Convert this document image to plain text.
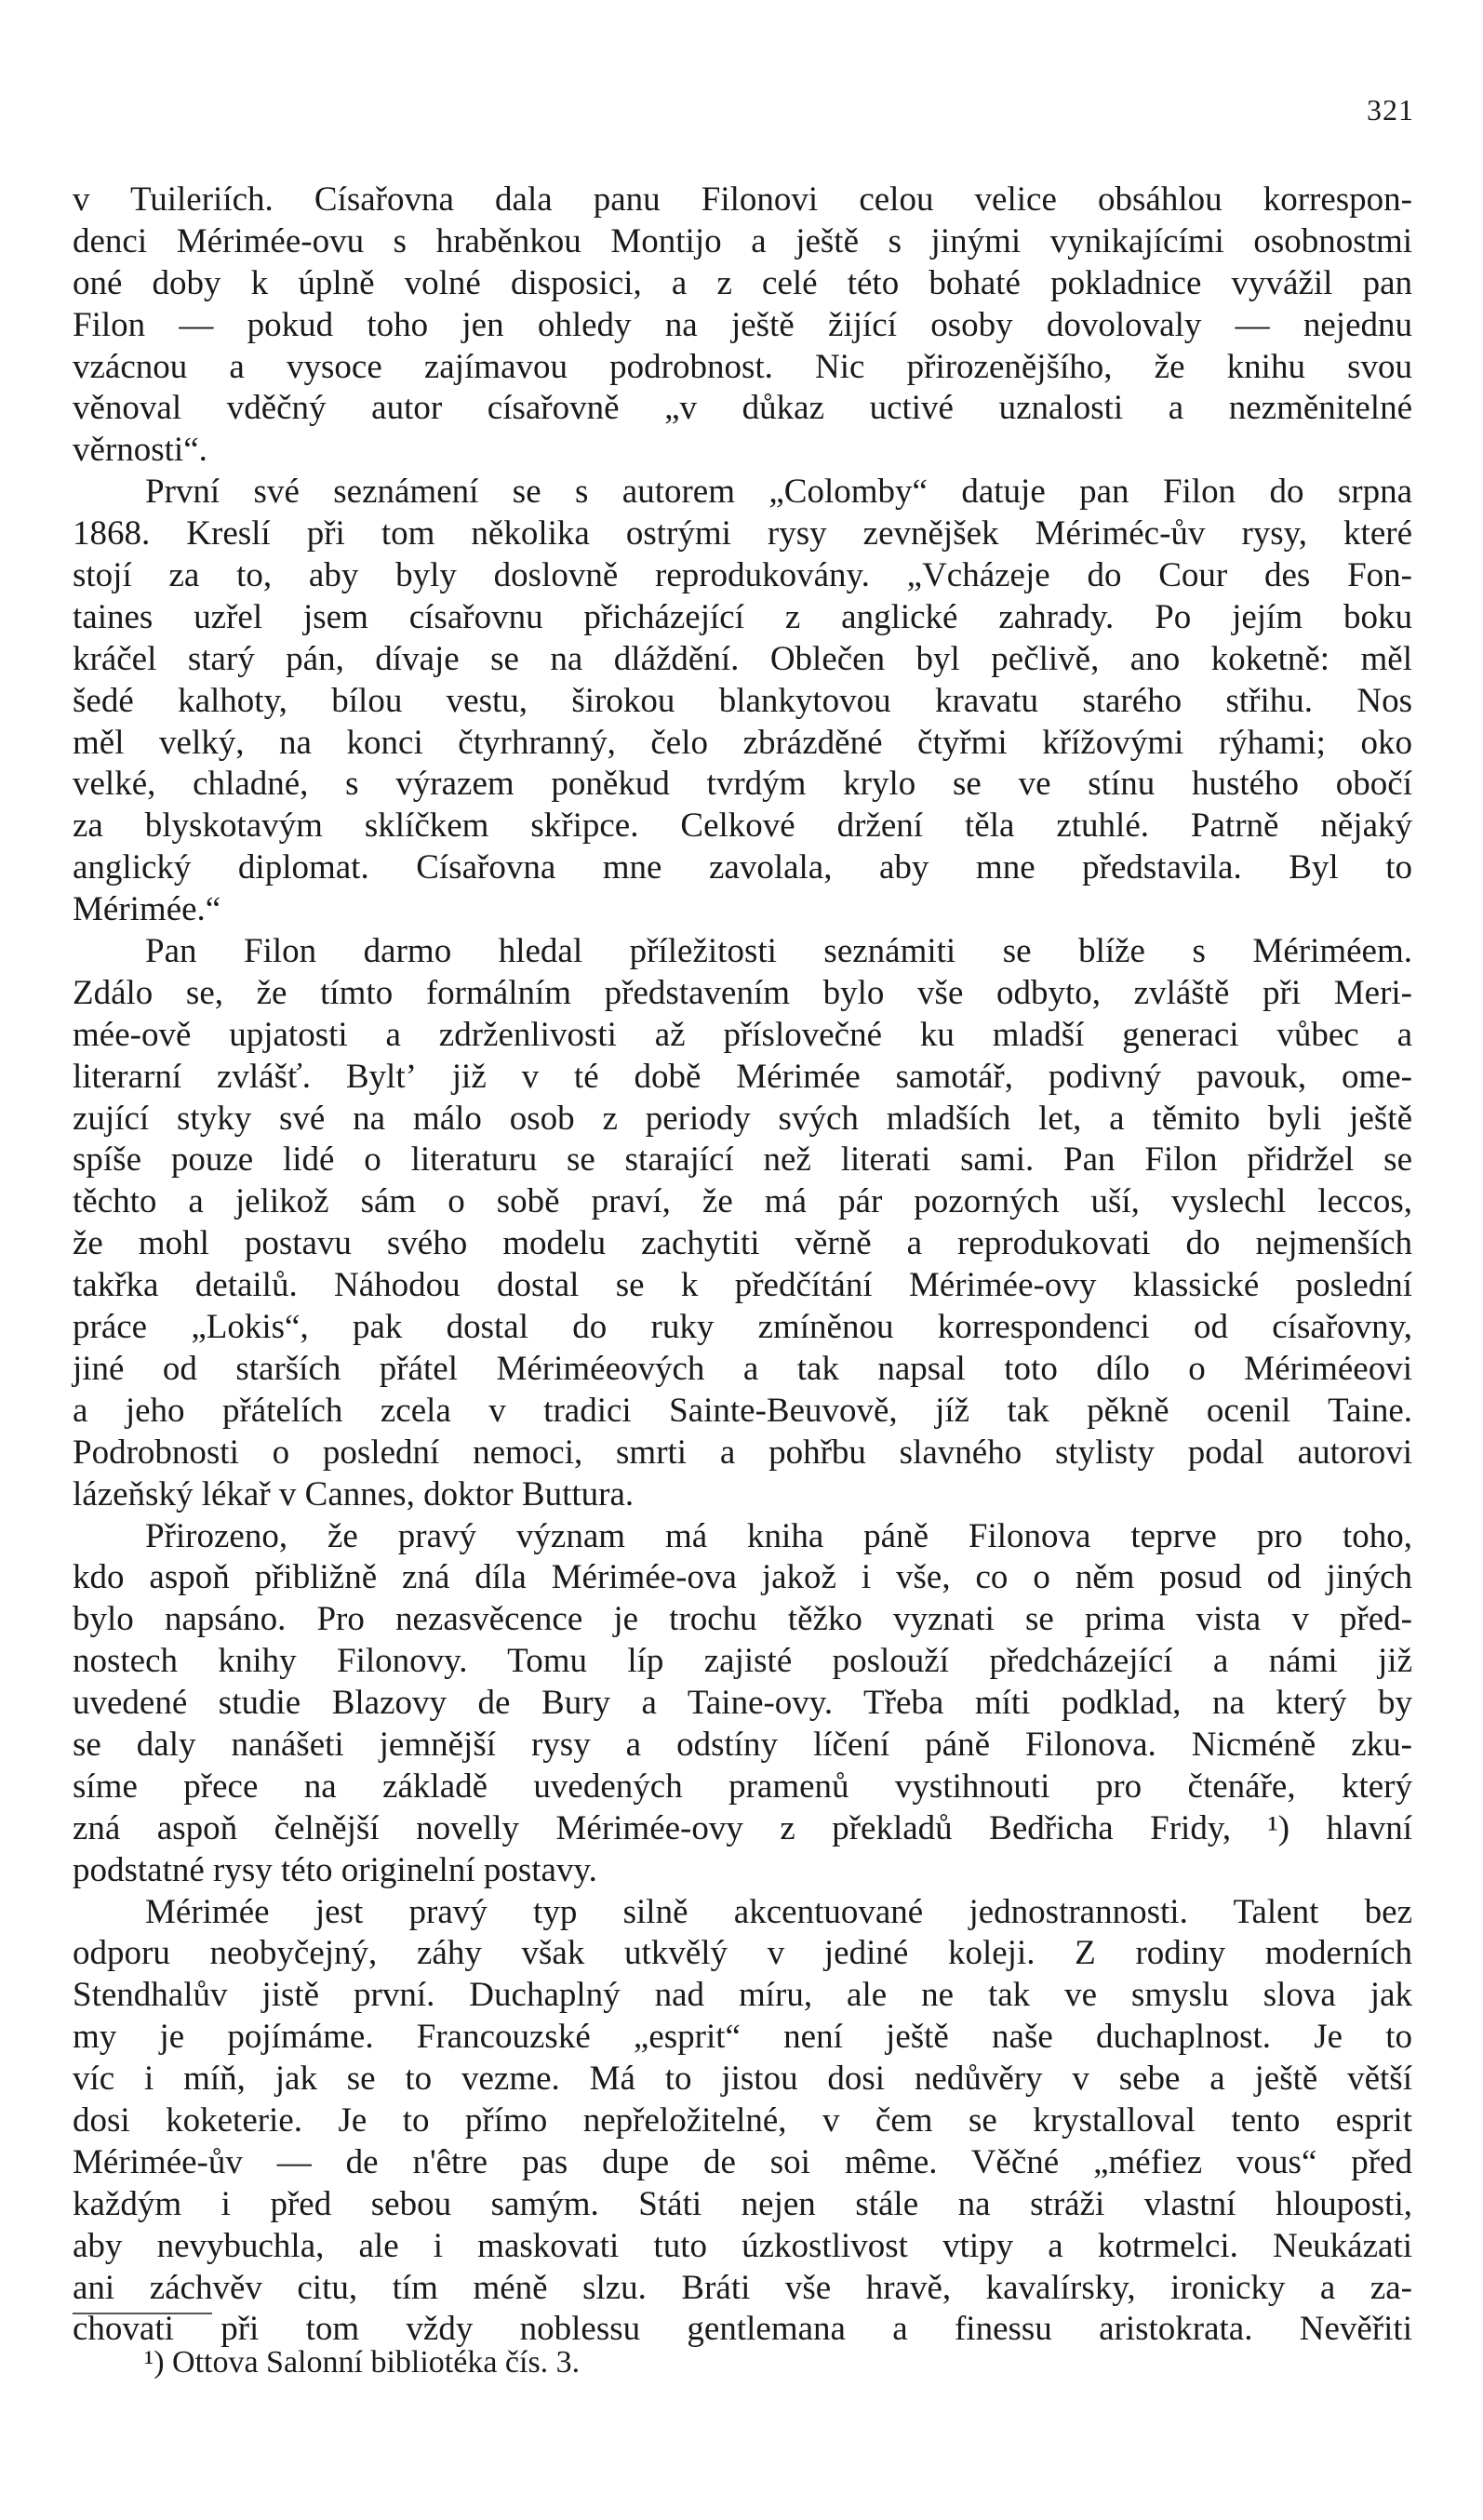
321
v Tuileriích. Císařovna dala panu Filonovi celou velice obsáhlou korrespon-
denci Mérimée-ovu s hraběnkou Montijo a ještě s jinými vynikajícími osobnostmi
oné doby k úplně volné disposici, a z celé této bohaté pokladnice vyvážil pan
Filon — pokud toho jen ohledy na ještě žijící osoby dovolovaly — nejednu
vzácnou a vysoce zajímavou podrobnost. Nic přirozenějšího, že knihu svou
věnoval vděčný autor císařovně „v důkaz uctivé uznalosti a nezměnitelné
věrnosti“.
První své seznámení se s autorem „Colomby“ datuje pan Filon do srpna
1868. Kreslí při tom několika ostrými rysy zevnějšek Mériméc-ův rysy, které
stojí za to, aby byly doslovně reprodukovány. „Vcházeje do Cour des Fon-
taines uzřel jsem císařovnu přicházející z anglické zahrady. Po jejím boku
kráčel starý pán, dívaje se na dláždění. Oblečen byl pečlivě, ano koketně: měl
šedé kalhoty, bílou vestu, širokou blankytovou kravatu starého střihu. Nos
měl velký, na konci čtyrhranný, čelo zbrázděné čtyřmi křížovými rýhami; oko
velké, chladné, s výrazem poněkud tvrdým krylo se ve stínu hustého obočí
za blyskotavým sklíčkem skřipce. Celkové držení těla ztuhlé. Patrně nějaký
anglický diplomat. Císařovna mne zavolala, aby mne představila. Byl to
Mérimée.“
Pan Filon darmo hledal příležitosti seznámiti se blíže s Mériméem.
Zdálo se, že tímto formálním představením bylo vše odbyto, zvláště při Meri-
mée-ově upjatosti a zdrženlivosti až příslovečné ku mladší generaci vůbec a
literarní zvlášť. Byltʼ již v té době Mérimée samotář, podivný pavouk, ome-
zující styky své na málo osob z periody svých mladších let, a těmito byli ještě
spíše pouze lidé o literaturu se starající než literati sami. Pan Filon přidržel se
těchto a jelikož sám o sobě praví, že má pár pozorných uší, vyslechl leccos,
že mohl postavu svého modelu zachytiti věrně a reprodukovati do nejmenších
takřka detailů. Náhodou dostal se k předčítání Mérimée-ovy klassické poslední
práce „Lokis“, pak dostal do ruky zmíněnou korrespondenci od císařovny,
jiné od starších přátel Mériméeových a tak napsal toto dílo o Mériméeovi
a jeho přátelích zcela v tradici Sainte-Beuvově, jíž tak pěkně ocenil Taine.
Podrobnosti o poslední nemoci, smrti a pohřbu slavného stylisty podal autorovi
lázeňský lékař v Cannes, doktor Buttura.
Přirozeno, že pravý význam má kniha páně Filonova teprve pro toho,
kdo aspoň přibližně zná díla Mérimée-ova jakož i vše, co o něm posud od jiných
bylo napsáno. Pro nezasvěcence je trochu těžko vyznati se prima vista v před-
nostech knihy Filonovy. Tomu líp zajisté poslouží předcházející a námi již
uvedené studie Blazovy de Bury a Taine-ovy. Třeba míti podklad, na který by
se daly nanášeti jemnější rysy a odstíny líčení páně Filonova. Nicméně zku-
síme přece na základě uvedených pramenů vystihnouti pro čtenáře, který
zná aspoň čelnější novelly Mérimée-ovy z překladů Bedřicha Fridy, ¹) hlavní
podstatné rysy této originelní postavy.
Mérimée jest pravý typ silně akcentuované jednostrannosti. Talent bez
odporu neobyčejný, záhy však utkvělý v jediné koleji. Z rodiny moderních
Stendhalův jistě první. Duchaplný nad míru, ale ne tak ve smyslu slova jak
my je pojímáme. Francouzské „esprit“ není ještě naše duchaplnost. Je to
víc i míň, jak se to vezme. Má to jistou dosi nedůvěry v sebe a ještě větší
dosi koketerie. Je to přímo nepřeložitelné, v čem se krystalloval tento esprit
Mérimée-ův — de n'être pas dupe de soi même. Věčné „méfiez vous“ před
každým i před sebou samým. Státi nejen stále na stráži vlastní hlouposti,
aby nevybuchla, ale i maskovati tuto úzkostlivost vtipy a kotrmelci. Neukázati
ani záchvěv citu, tím méně slzu. Bráti vše hravě, kavalírsky, ironicky a za-
chovati při tom vždy noblessu gentlemana a finessu aristokrata. Nevěřiti
¹) Ottova Salonní bibliotéka čís. 3.
